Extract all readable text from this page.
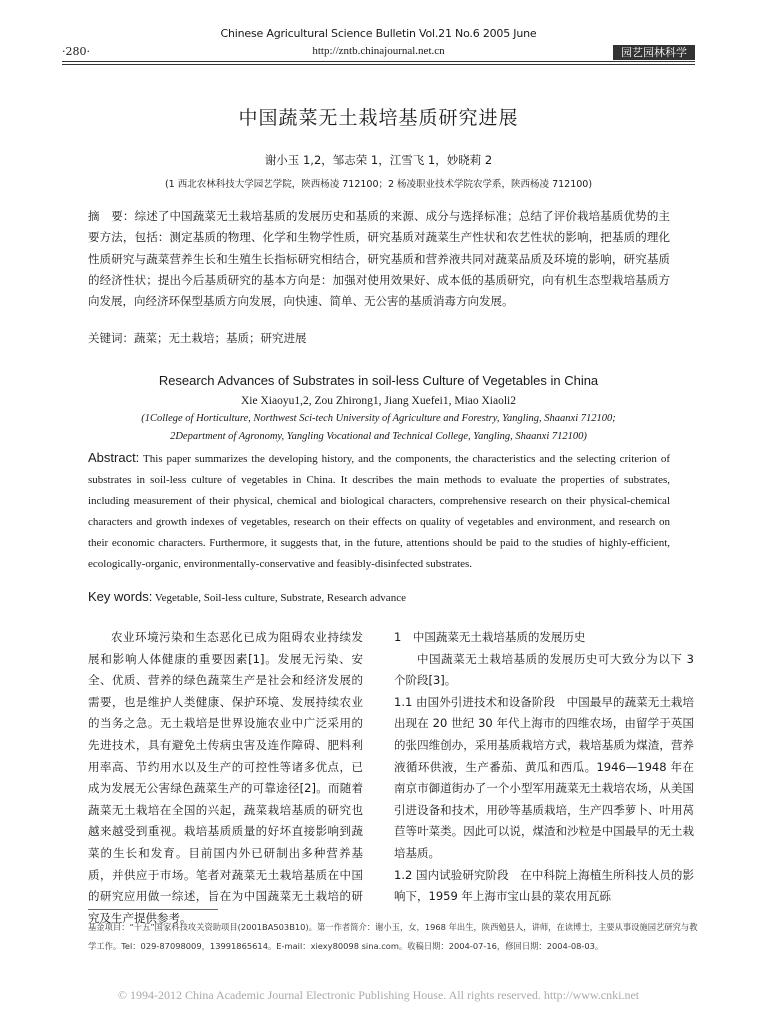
Chinese Agricultural Science Bulletin Vol.21 No.6 2005 June
http://zntb.chinajournal.net.cn
·280·	园艺园林科学
中国蔬菜无土栽培基质研究进展
谢小玉 1,2，邹志荣 1，江雪飞 1，妙晓莉 2
(1 西北农林科技大学园艺学院，陕西杨凌 712100；2 杨凌职业技术学院农学系，陕西杨凌 712100)
摘　要：综述了中国蔬菜无土栽培基质的发展历史和基质的来源、成分与选择标准；总结了评价栽培基质优势的主要方法，包括：测定基质的物理、化学和生物学性质，研究基质对蔬菜生产性状和农艺性状的影响，把基质的理化性质研究与蔬菜营养生长和生殖生长指标研究相结合，研究基质和营养液共同对蔬菜品质及环境的影响，研究基质的经济性状；提出今后基质研究的基本方向是：加强对使用效果好、成本低的基质研究，向有机生态型栽培基质方向发展，向经济环保型基质方向发展，向快速、简单、无公害的基质消毒方向发展。
关键词：蔬菜；无土栽培；基质；研究进展
Research Advances of Substrates in soil-less Culture of Vegetables in China
Xie Xiaoyu1,2, Zou Zhirong1, Jiang Xuefei1, Miao Xiaoli2
(1College of Horticulture, Northwest Sci-tech University of Agriculture and Forestry, Yangling, Shaanxi 712100;
2Department of Agronomy, Yangling Vocational and Technical College, Yangling, Shaanxi 712100)
Abstract: This paper summarizes the developing history, and the components, the characteristics and the selecting criterion of substrates in soil-less culture of vegetables in China. It describes the main methods to evaluate the properties of substrates, including measurement of their physical, chemical and biological characters, comprehensive research on their physical-chemical characters and growth indexes of vegetables, research on their effects on quality of vegetables and environment, and research on their economic characters. Furthermore, it suggests that, in the future, attentions should be paid to the studies of highly-efficient, ecologically-organic, environmentally-conservative and feasibly-disinfected substrates.
Key words: Vegetable, Soil-less culture, Substrate, Research advance
农业环境污染和生态恶化已成为阻碍农业持续发展和影响人体健康的重要因素[1]。发展无污染、安全、优质、营养的绿色蔬菜生产是社会和经济发展的需要，也是维护人类健康、保护环境、发展持续农业的当务之急。无土栽培是世界设施农业中广泛采用的先进技术，具有避免土传病虫害及连作障碍、肥料利用率高、节约用水以及生产的可控性等诸多优点，已成为发展无公害绿色蔬菜生产的可靠途径[2]。而随着蔬菜无土栽培在全国的兴起，蔬菜栽培基质的研究也越来越受到重视。栽培基质质量的好坏直接影响到蔬菜的生长和发育。目前国内外已研制出多种营养基质，并供应于市场。笔者对蔬菜无土栽培基质在中国的研究应用做一综述，旨在为中国蔬菜无土栽培的研究及生产提供参考。

1　中国蔬菜无土栽培基质的发展历史

中国蔬菜无土栽培基质的发展历史可大致分为以下 3 个阶段[3]。

1.1 由国外引进技术和设备阶段　 中国最早的蔬菜无土栽培出现在 20 世纪 30 年代上海市的四维农场，由留学于英国的张四维创办，采用基质栽培方式，栽培基质为煤渣，营养液循环供液，生产番茄、黄瓜和西瓜。1946—1948 年在南京市御道街办了一个小型军用蔬菜无土栽培农场，从美国引进设备和技术，用砂等基质栽培，生产四季萝卜、叶用莴苣等叶菜类。因此可以说，煤渣和沙粒是中国最早的无土栽培基质。

1.2 国内试验研究阶段　 在中科院上海植生所科技人员的影响下，1959 年上海市宝山县的菜农用瓦砾

基金项目：“十五”国家科技攻关资助项目(2001BA503B10)。第一作者简介：谢小玉，女，1968 年出生，陕西勉县人，讲师，在读博士，主要从事设施园艺研究与教学工作。Tel：029-87098009，13991865614。E-mail：xiexy80098 sina.com。收稿日期：2004-07-16，修回日期：2004-08-03。
© 1994-2012 China Academic Journal Electronic Publishing House. All rights reserved. http://www.cnki.net
